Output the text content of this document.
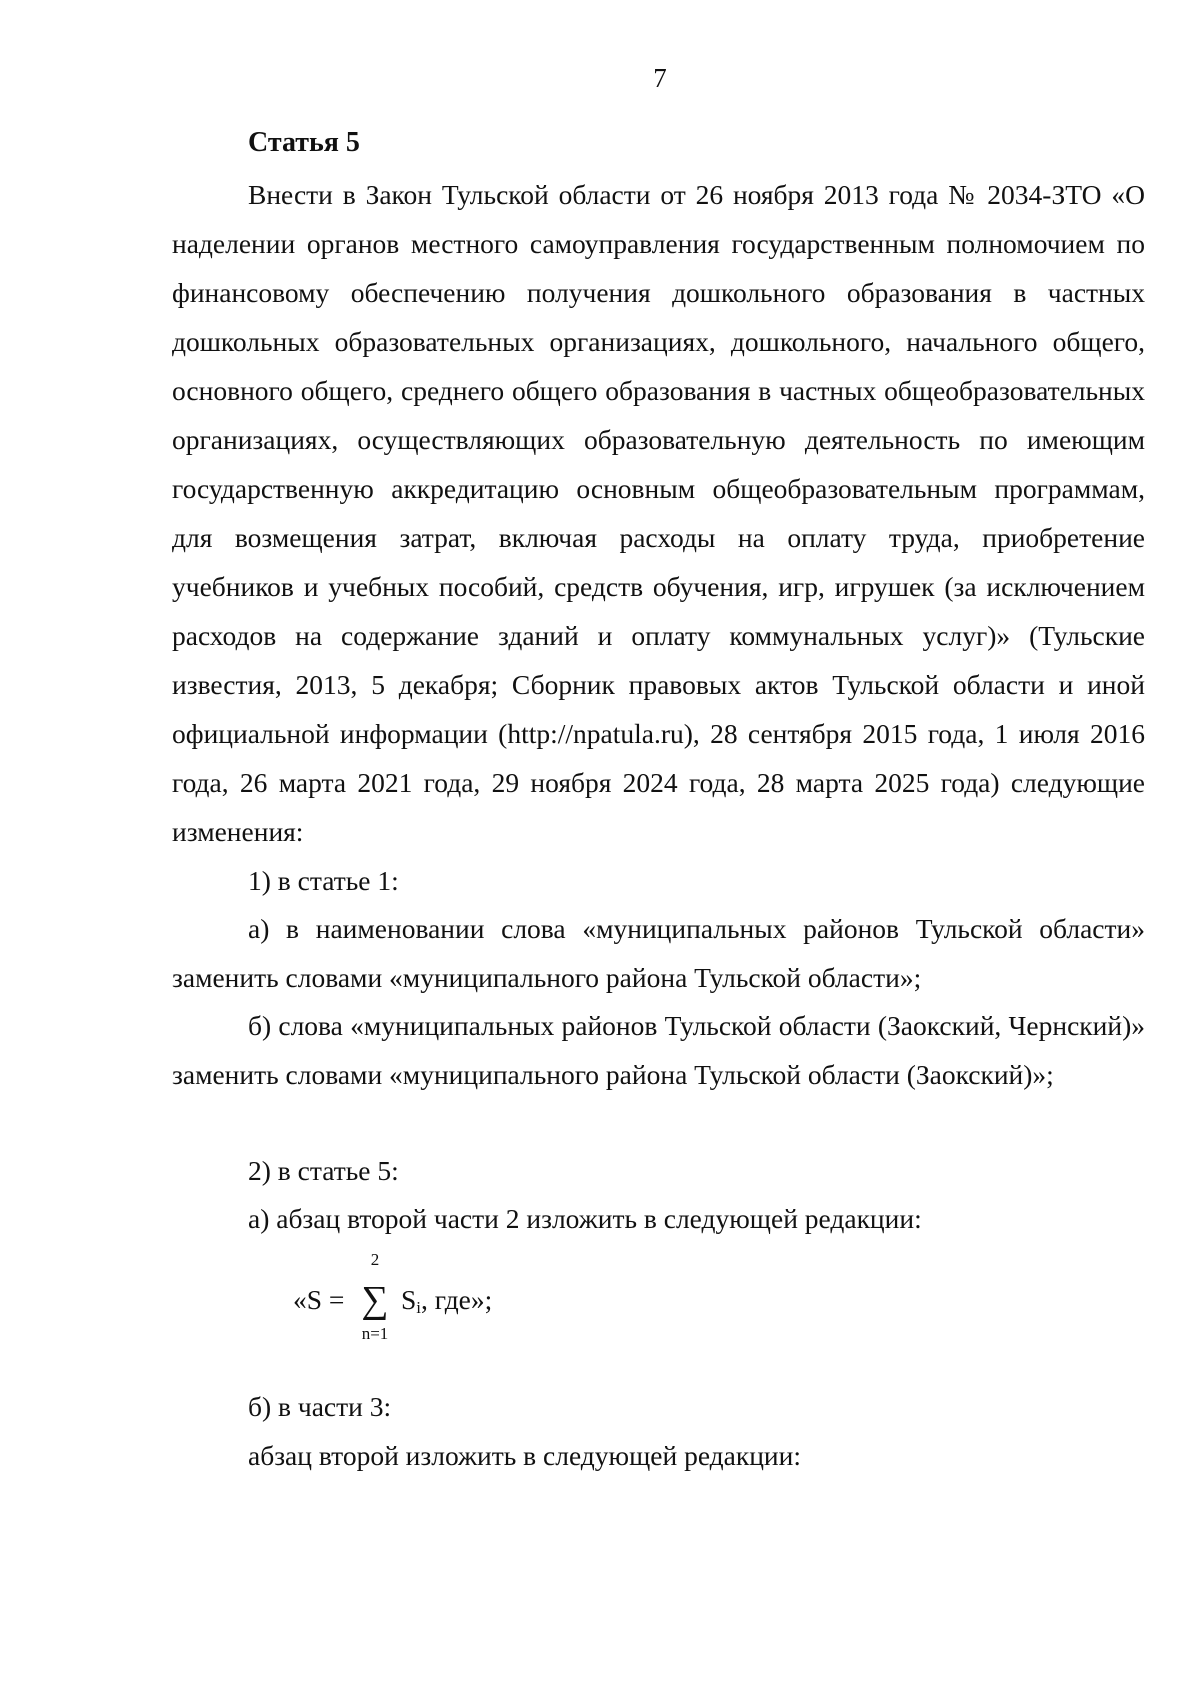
7
Статья 5

Внести в Закон Тульской области от 26 ноября 2013 года № 2034-ЗТО «О наделении органов местного самоуправления государственным полномочием по финансовому обеспечению получения дошкольного образования в частных дошкольных образовательных организациях, дошкольного, начального общего, основного общего, среднего общего образования в частных общеобразовательных организациях, осуществляющих образовательную деятельность по имеющим государственную аккредитацию основным общеобразовательным программам, для возмещения затрат, включая расходы на оплату труда, приобретение учебников и учебных пособий, средств обучения, игр, игрушек (за исключением расходов на содержание зданий и оплату коммунальных услуг)» (Тульские известия, 2013, 5 декабря; Сборник правовых актов Тульской области и иной официальной информации (http://npatula.ru), 28 сентября 2015 года, 1 июля 2016 года, 26 марта 2021 года, 29 ноября 2024 года, 28 марта 2025 года) следующие изменения:

1) в статье 1:
а) в наименовании слова «муниципальных районов Тульской области» заменить словами «муниципального района Тульской области»;
б) слова «муниципальных районов Тульской области (Заокский, Чернский)» заменить словами «муниципального района Тульской области (Заокский)»;
2) в статье 5:
а) абзац второй части 2 изложить в следующей редакции:
«S =
2
∑
n=1
$S_i$, где»;
б) в части 3:
абзац второй изложить в следующей редакции:
